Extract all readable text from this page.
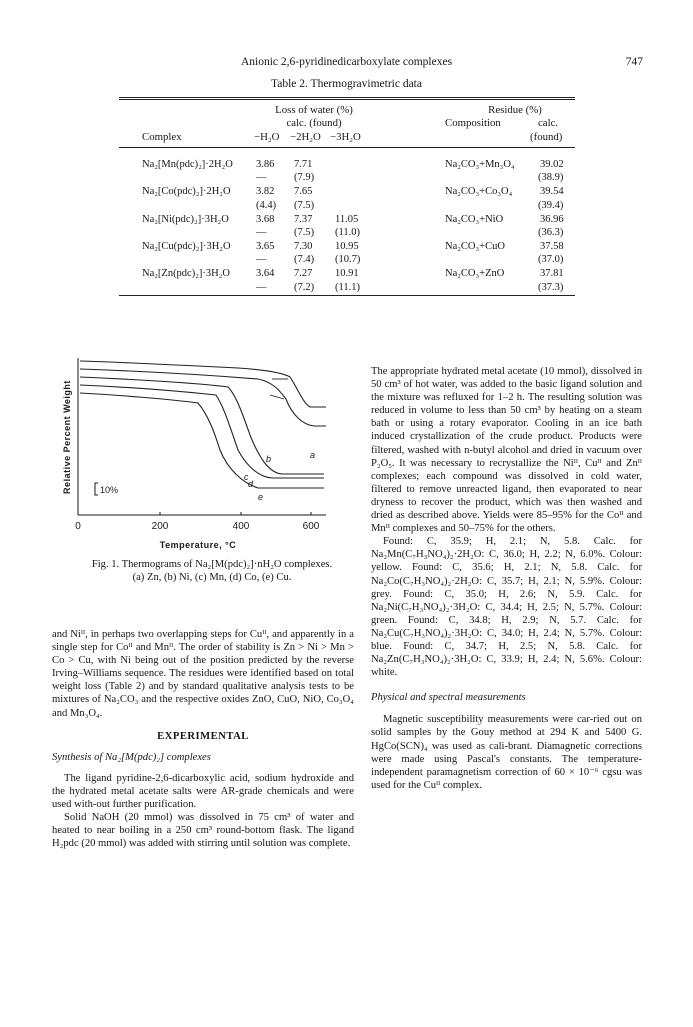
Anionic 2,6-pyridinedicarboxylate complexes	747
Table 2. Thermogravimetric data
Loss of water (%)
calc. (found)
Complex	−H₂O −2H₂O −3H₂O
Residue (%)
Composition	calc.
(found)
Na₂[Mn(pdc)₂]·2H₂O 3.86 7.71	Na₂CO₃+Mn₃O₄ 39.02
—	(7.9)	(38.9)
Na₂[Co(pdc)₂]·2H₂O 3.82 7.65	Na₂CO₃+Co₃O₄	39.54
(4.4) (7.5)	(39.4)
Na₂[Ni(pdc)₂]·3H₂O	3.68 7.37 11.05	Na₂CO₃+NiO	36.96
—	(7.5) (11.0)	(36.3)
Na₂[Cu(pdc)₂]·3H₂O 3.65 7.30 10.95	Na₂CO₃+CuO	37.58
—	(7.4) (10.7)	(37.0)
Na₂[Zn(pdc)₂]·3H₂O 3.64 7.27 10.91	Na₂CO₃+ZnO	37.81
—	(7.2) (11.1)	(37.3)
0	200	400	600
Temperature, °C
Relative Percent Weight	10%
a
b
c
d
e
Fig. 1. Thermograms of Na₂[M(pdc)₂]·nH₂O complexes.
(a) Zn, (b) Ni, (c) Mn, (d) Co, (e) Cu.

and Niᴵᴵ, in perhaps two overlapping steps for Cuᴵᴵ, and apparently in a single step for Coᴵᴵ and Mnᴵᴵ. The order of stability is Zn > Ni > Mn > Co > Cu, with Ni being out of the position predicted by the reverse Irving–Williams sequence. The residues were identified based on total weight loss (Table 2) and by standard qualitative analysis tests to be mixtures of Na₂CO₃ and the respective oxides ZnO, CuO, NiO, Co₃O₄ and Mn₃O₄.

EXPERIMENTAL

Synthesis of Na₂[M(pdc)₂] complexes

The ligand pyridine-2,6-dicarboxylic acid, sodium hydroxide and the hydrated metal acetate salts were AR-grade chemicals and were used with-out further purification.

Solid NaOH (20 mmol) was dissolved in 75 cm³ of water and heated to near boiling in a 250 cm³ round-bottom flask. The ligand H₂pdc (20 mmol) was added with stirring until solution was complete.

The appropriate hydrated metal acetate (10 mmol), dissolved in 50 cm³ of hot water, was added to the basic ligand solution and the mixture was refluxed for 1–2 h. The resulting solution was reduced in volume to less than 50 cm³ by heating on a steam bath or using a rotary evaporator. Cooling in an ice bath induced crystallization of the crude product. Products were filtered, washed with n-butyl alcohol and dried in vacuum over P₂O₅. It was necessary to recrystallize the Niᴵᴵ, Cuᴵᴵ and Znᴵᴵ complexes; each compound was dissolved in cold water, filtered to remove unreacted ligand, then evaporated to near dryness to recover the product, which was then washed and dried as described above. Yields were 85–95% for the Coᴵᴵ and Mnᴵᴵ complexes and 50–75% for the others.

Found: C, 35.9; H, 2.1; N, 5.8. Calc. for Na₂Mn(C₇H₃NO₄)₂·2H₂O: C, 36.0; H, 2.2; N, 6.0%. Colour: yellow. Found: C, 35.6; H, 2.1; N, 5.8. Calc. for Na₂Co(C₇H₃NO₄)₂·2H₂O: C, 35.7; H, 2.1; N, 5.9%. Colour: grey. Found: C, 35.0; H, 2.6; N, 5.9. Calc. for Na₂Ni(C₇H₃NO₄)₂·3H₂O: C, 34.4; H, 2.5; N, 5.7%. Colour: green. Found: C, 34.8; H, 2.9; N, 5.7. Calc. for Na₂Cu(C₇H₃NO₄)₂·3H₂O: C, 34.0; H, 2.4; N, 5.7%. Colour: blue. Found: C, 34.7; H, 2.5; N, 5.8. Calc. for Na₂Zn(C₇H₃NO₄)₂·3H₂O: C, 33.9; H, 2.4; N, 5.6%. Colour: white.

Physical and spectral measurements

Magnetic susceptibility measurements were car-ried out on solid samples by the Gouy method at 294 K and 5400 G. HgCo(SCN)₄ was used as cali-brant. Diamagnetic corrections were made using Pascal's constants. The temperature-independent paramagnetism correction of 60 × 10⁻⁶ cgsu was used for the Cuᴵᴵ complex.
